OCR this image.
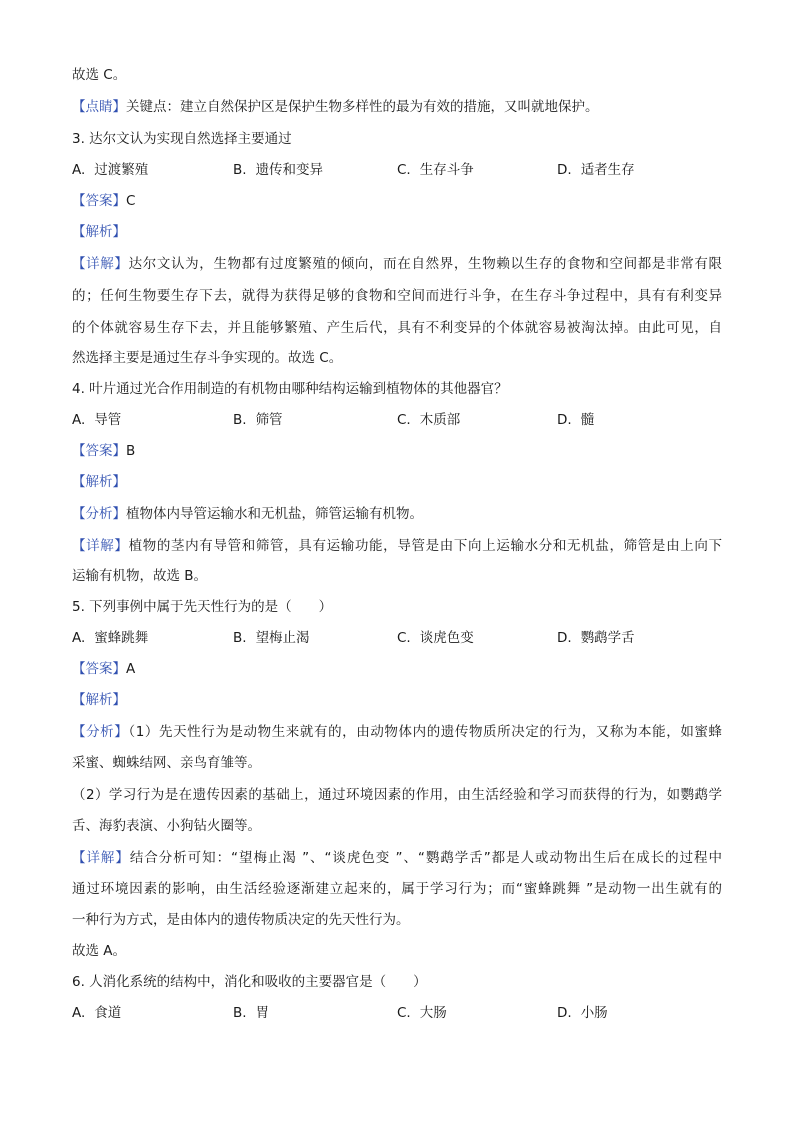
故选 C。
【点睛】关键点：建立自然保护区是保护生物多样性的最为有效的措施，又叫就地保护。
3. 达尔文认为实现自然选择主要通过
A. 过渡繁殖	B. 遗传和变异	C. 生存斗争	D. 适者生存
【答案】C
【解析】
【详解】达尔文认为，生物都有过度繁殖的倾向，而在自然界，生物赖以生存的食物和空间都是非常有限
的；任何生物要生存下去，就得为获得足够的食物和空间而进行斗争，在生存斗争过程中，具有有利变异
的个体就容易生存下去，并且能够繁殖、产生后代，具有不利变异的个体就容易被淘汰掉。由此可见，自
然选择主要是通过生存斗争实现的。故选 C。
4. 叶片通过光合作用制造的有机物由哪种结构运输到植物体的其他器官？
A. 导管	B. 筛管	C. 木质部	D. 髓
【答案】B
【解析】
【分析】植物体内导管运输水和无机盐，筛管运输有机物。
【详解】植物的茎内有导管和筛管，具有运输功能，导管是由下向上运输水分和无机盐，筛管是由上向下
运输有机物，故选 B。
5. 下列事例中属于先天性行为的是（　　）
A. 蜜蜂跳舞	B. 望梅止渴	C. 谈虎色变	D. 鹦鹉学舌
【答案】A
【解析】
【分析】（1）先天性行为是动物生来就有的，由动物体内的遗传物质所决定的行为，又称为本能，如蜜蜂
采蜜、蜘蛛结网、亲鸟育雏等。
（2）学习行为是在遗传因素的基础上，通过环境因素的作用，由生活经验和学习而获得的行为，如鹦鹉学
舌、海豹表演、小狗钻火圈等。
【详解】结合分析可知：“望梅止渴 ”、“谈虎色变 ”、“鹦鹉学舌”都是人或动物出生后在成长的过程中
通过环境因素的影响，由生活经验逐渐建立起来的，属于学习行为；而“蜜蜂跳舞 ”是动物一出生就有的
一种行为方式，是由体内的遗传物质决定的先天性行为。
故选 A。
6. 人消化系统的结构中，消化和吸收的主要器官是（　　）
A. 食道	B. 胃	C. 大肠	D. 小肠
